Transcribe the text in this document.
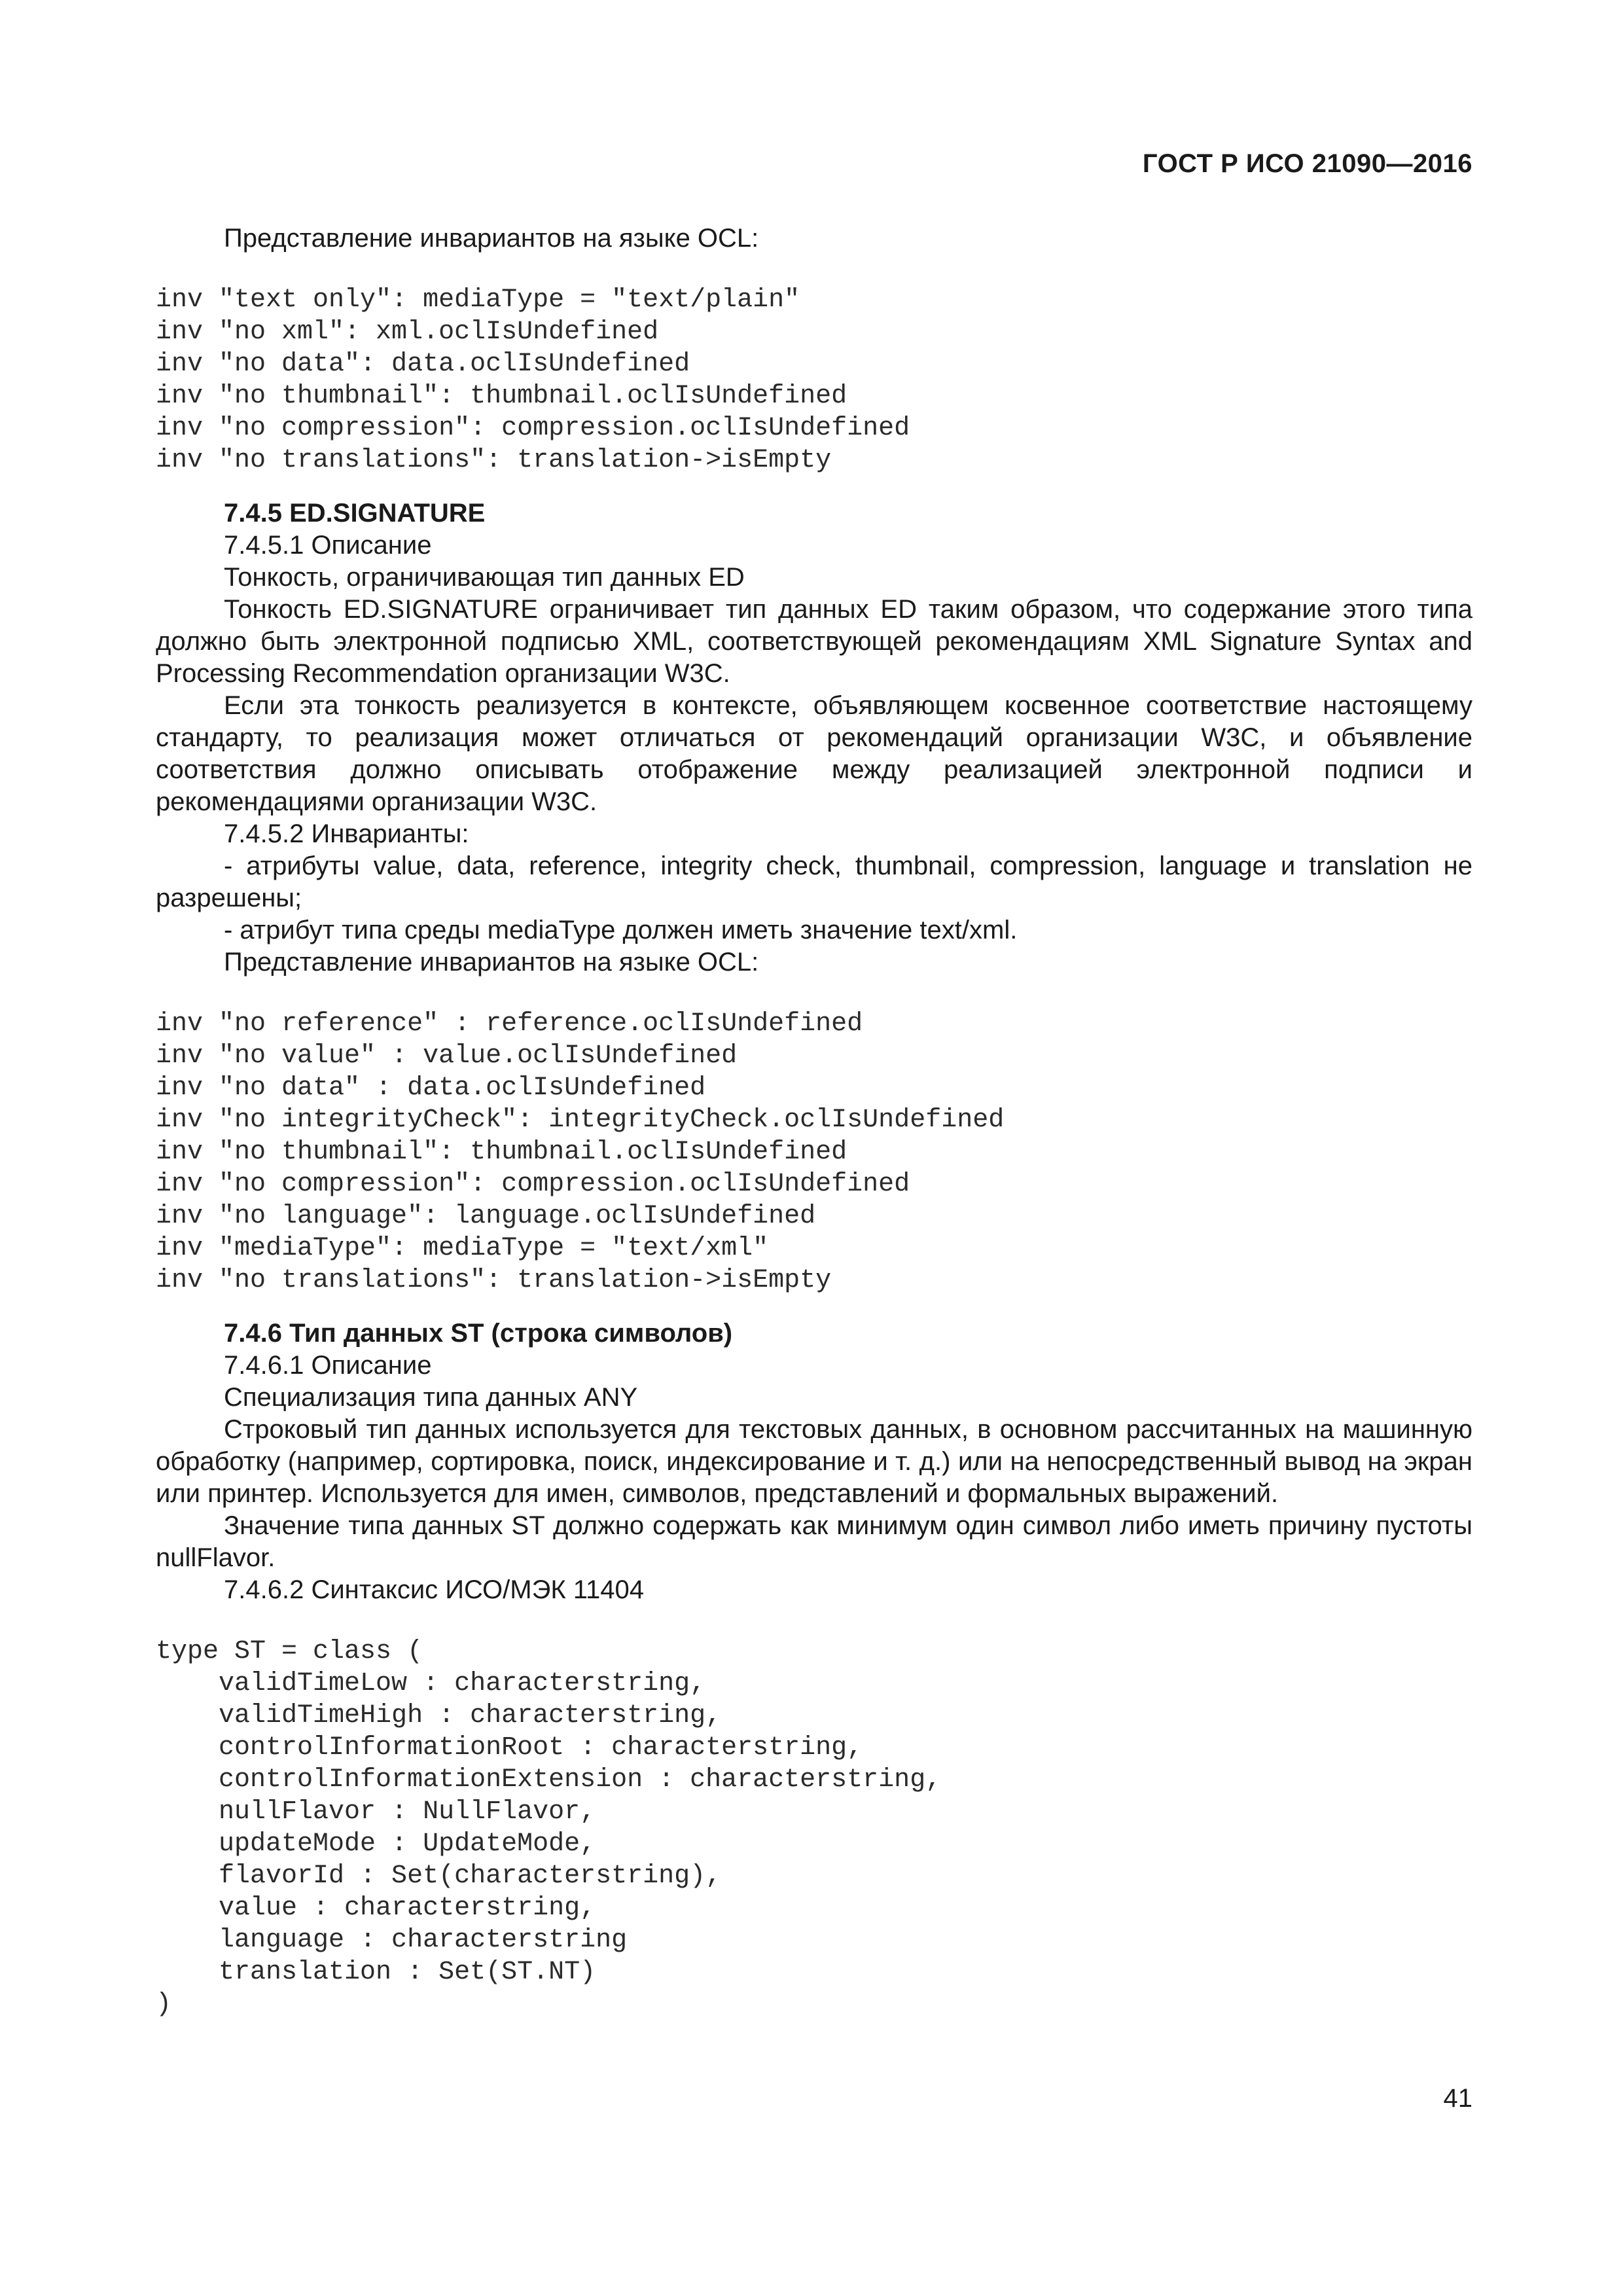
ГОСТ Р ИСО 21090—2016

Представление инвариантов на языке OCL:

inv "text only": mediaType = "text/plain"

inv "no xml": xml.oclIsUndefined

inv "no data": data.oclIsUndefined

inv "no thumbnail": thumbnail.oclIsUndefined

inv "no compression": compression.oclIsUndefined

inv "no translations": translation->isEmpty

7.4.5 ED.SIGNATURE

7.4.5.1 Описание

Тонкость, ограничивающая тип данных ED

Тонкость ED.SIGNATURE ограничивает тип данных ED таким образом, что содержание этого типа должно быть электронной подписью XML, соответствующей рекомендациям XML Signature Syntax and Processing Recommendation организации W3C.

Если эта тонкость реализуется в контексте, объявляющем косвенное соответствие настоящему стандарту, то реализация может отличаться от рекомендаций организации W3C, и объявление соответствия должно описывать отображение между реализацией электронной подписи и рекомендациями организации W3C.

7.4.5.2 Инварианты:

- атрибуты value, data, reference, integrity check, thumbnail, compression, language и translation не разрешены;

- атрибут типа среды mediaType должен иметь значение text/xml.

Представление инвариантов на языке OCL:

inv "no reference" : reference.oclIsUndefined

inv "no value" : value.oclIsUndefined

inv "no data" : data.oclIsUndefined

inv "no integrityCheck": integrityCheck.oclIsUndefined

inv "no thumbnail": thumbnail.oclIsUndefined

inv "no compression": compression.oclIsUndefined

inv "no language": language.oclIsUndefined

inv "mediaType": mediaType = "text/xml"

inv "no translations": translation->isEmpty

7.4.6 Тип данных ST (строка символов)

7.4.6.1 Описание

Специализация типа данных ANY

Строковый тип данных используется для текстовых данных, в основном рассчитанных на машинную обработку (например, сортировка, поиск, индексирование и т. д.) или на непосредственный вывод на экран или принтер. Используется для имен, символов, представлений и формальных выражений.

Значение типа данных ST должно содержать как минимум один символ либо иметь причину пустоты nullFlavor.

7.4.6.2 Синтаксис ИСО/МЭК 11404

type ST = class (

validTimeLow : characterstring,

validTimeHigh : characterstring,

controlInformationRoot : characterstring,

controlInformationExtension : characterstring,

nullFlavor : NullFlavor,

updateMode : UpdateMode,

flavorId : Set(characterstring),

value : characterstring,

language : characterstring

translation : Set(ST.NT)

)

41
